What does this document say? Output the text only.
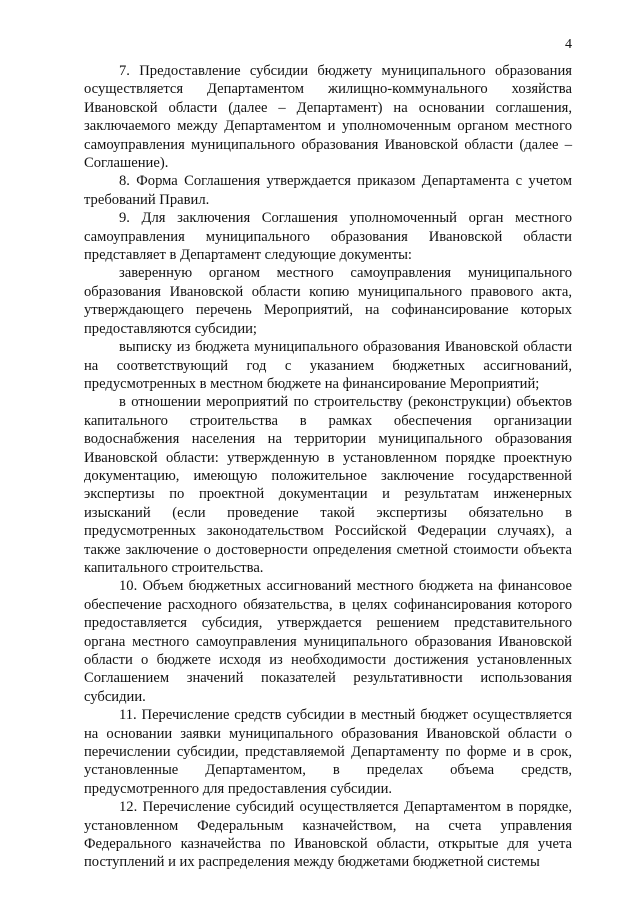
4

7. Предоставление субсидии бюджету муниципального образования осуществляется Департаментом жилищно-коммунального хозяйства Ивановской области (далее – Департамент) на основании соглашения, заключаемого между Департаментом и уполномоченным органом местного самоуправления муниципального образования Ивановской области (далее – Соглашение).

8. Форма Соглашения утверждается приказом Департамента с учетом требований Правил.

9. Для заключения Соглашения уполномоченный орган местного самоуправления муниципального образования Ивановской области представляет в Департамент следующие документы:

заверенную органом местного самоуправления муниципального образования Ивановской области копию муниципального правового акта, утверждающего перечень Мероприятий, на софинансирование которых предоставляются субсидии;

выписку из бюджета муниципального образования Ивановской области на соответствующий год с указанием бюджетных ассигнований, предусмотренных в местном бюджете на финансирование Мероприятий;

в отношении мероприятий по строительству (реконструкции) объектов капитального строительства в рамках обеспечения организации водоснабжения населения на территории муниципального образования Ивановской области: утвержденную в установленном порядке проектную документацию, имеющую положительное заключение государственной экспертизы по проектной документации и результатам инженерных изысканий (если проведение такой экспертизы обязательно в предусмотренных законодательством Российской Федерации случаях), а также заключение о достоверности определения сметной стоимости объекта капитального строительства.

10. Объем бюджетных ассигнований местного бюджета на финансовое обеспечение расходного обязательства, в целях софинансирования которого предоставляется субсидия, утверждается решением представительного органа местного самоуправления муниципального образования Ивановской области о бюджете исходя из необходимости достижения установленных Соглашением значений показателей результативности использования субсидии.

11. Перечисление средств субсидии в местный бюджет осуществляется на основании заявки муниципального образования Ивановской области о перечислении субсидии, представляемой Департаменту по форме и в срок, установленные Департаментом, в пределах объема средств, предусмотренного для предоставления субсидии.

12. Перечисление субсидий осуществляется Департаментом в порядке, установленном Федеральным казначейством, на счета управления Федерального казначейства по Ивановской области, открытые для учета поступлений и их распределения между бюджетами бюджетной системы
